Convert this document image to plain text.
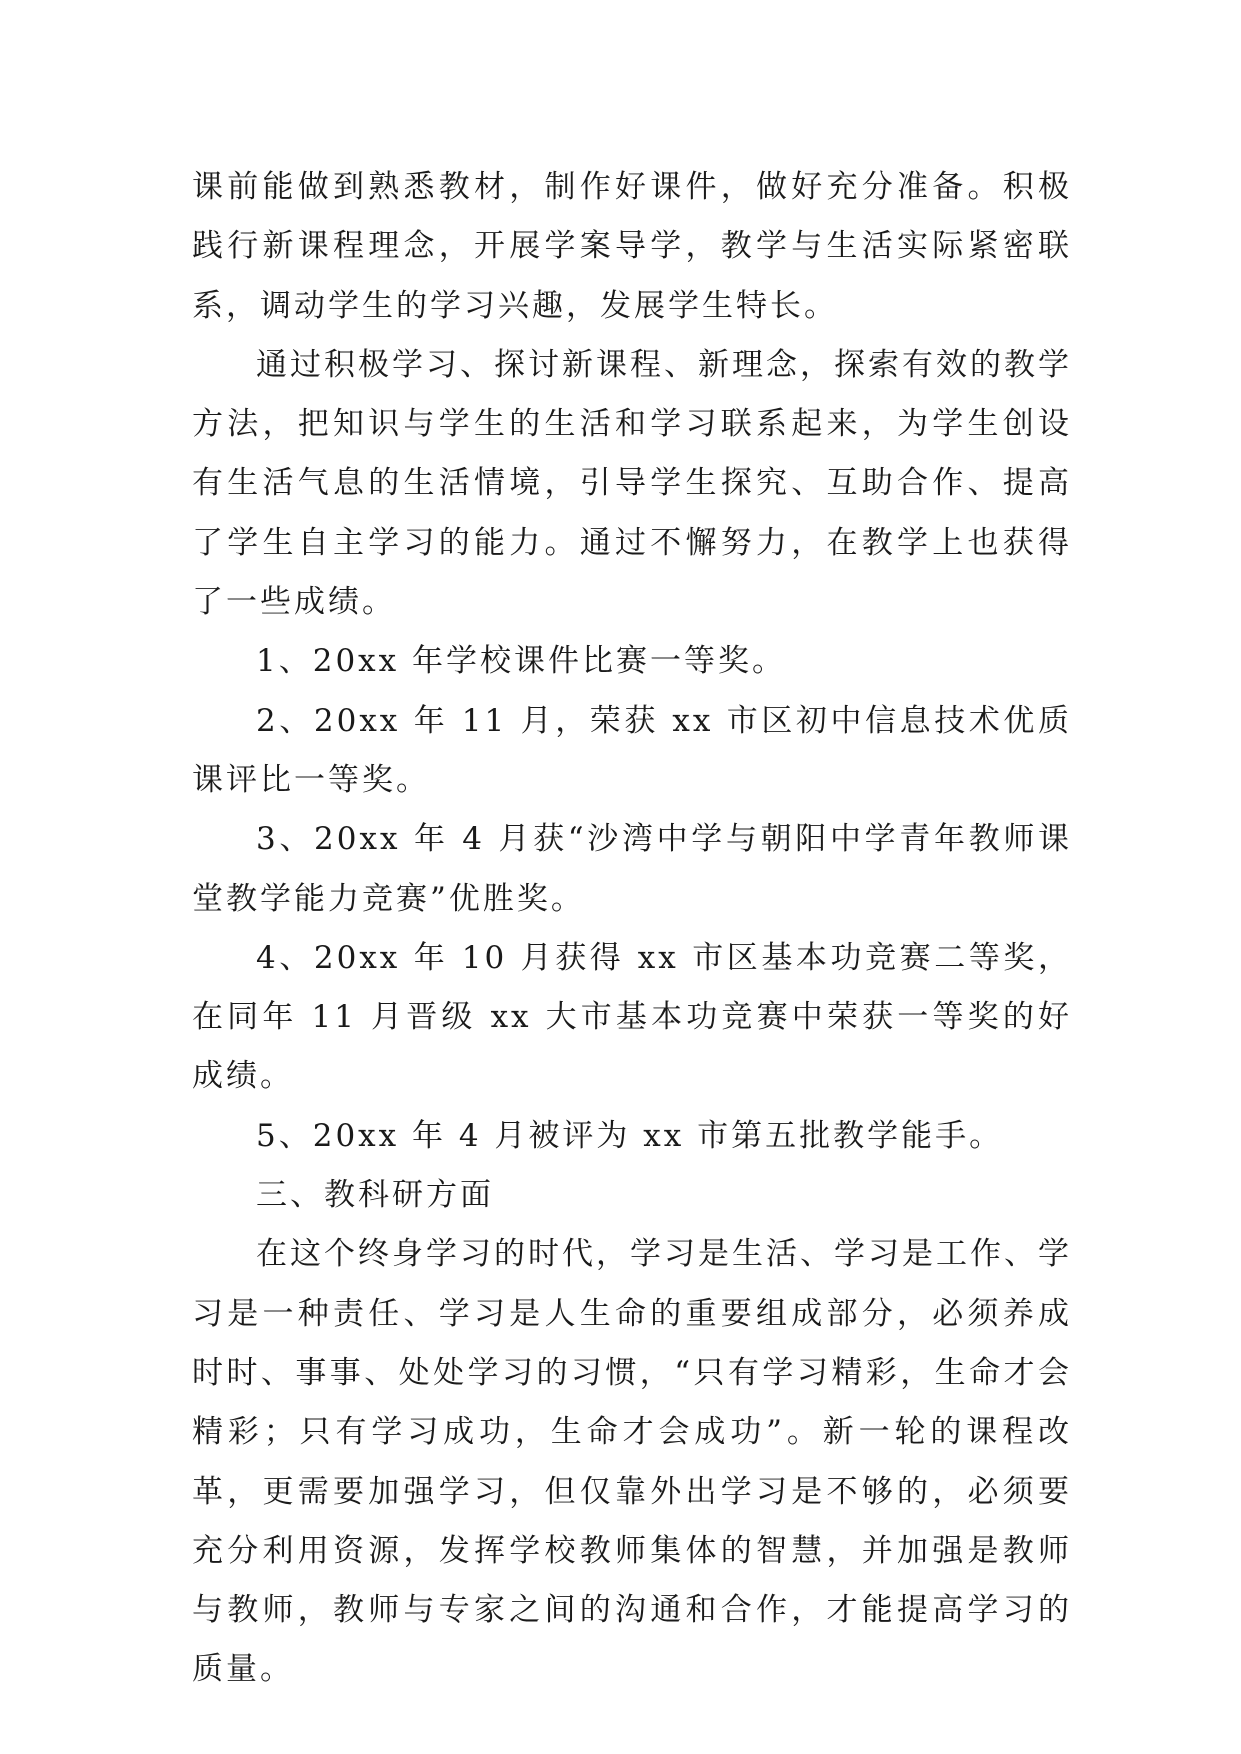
课前能做到熟悉教材，制作好课件，做好充分准备。积极践行新课程理念，开展学案导学，教学与生活实际紧密联系，调动学生的学习兴趣，发展学生特长。

通过积极学习、探讨新课程、新理念，探索有效的教学方法，把知识与学生的生活和学习联系起来，为学生创设有生活气息的生活情境，引导学生探究、互助合作、提高了学生自主学习的能力。通过不懈努力，在教学上也获得了一些成绩。

1、20xx 年学校课件比赛一等奖。

2、20xx 年 11 月，荣获 xx 市区初中信息技术优质课评比一等奖。

3、20xx 年 4 月获“沙湾中学与朝阳中学青年教师课堂教学能力竞赛”优胜奖。

4、20xx 年 10 月获得 xx 市区基本功竞赛二等奖，在同年 11 月晋级 xx 大市基本功竞赛中荣获一等奖的好成绩。

5、20xx 年 4 月被评为 xx 市第五批教学能手。

三、教科研方面

在这个终身学习的时代，学习是生活、学习是工作、学习是一种责任、学习是人生命的重要组成部分，必须养成时时、事事、处处学习的习惯，“只有学习精彩，生命才会精彩；只有学习成功，生命才会成功”。新一轮的课程改革，更需要加强学习，但仅靠外出学习是不够的，必须要充分利用资源，发挥学校教师集体的智慧，并加强是教师与教师，教师与专家之间的沟通和合作，才能提高学习的质量。
